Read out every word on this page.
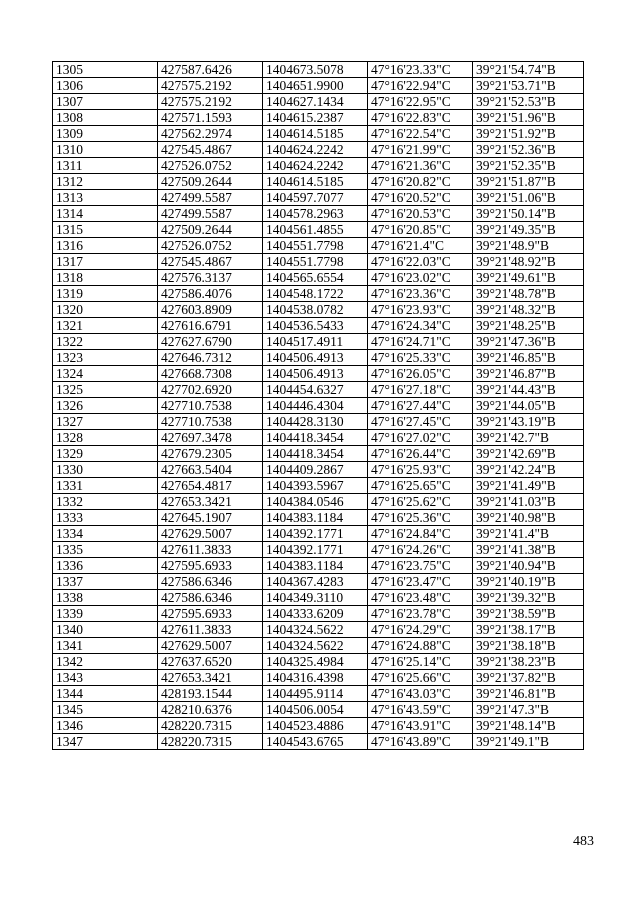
1305	427587.6426	1404673.5078	47°16'23.33"С	39°21'54.74"В
1306	427575.2192	1404651.9900	47°16'22.94"С	39°21'53.71"В
1307	427575.2192	1404627.1434	47°16'22.95"С	39°21'52.53"В
1308	427571.1593	1404615.2387	47°16'22.83"С	39°21'51.96"В
1309	427562.2974	1404614.5185	47°16'22.54"С	39°21'51.92"В
1310	427545.4867	1404624.2242	47°16'21.99"С	39°21'52.36"В
1311	427526.0752	1404624.2242	47°16'21.36"С	39°21'52.35"В
1312	427509.2644	1404614.5185	47°16'20.82"С	39°21'51.87"В
1313	427499.5587	1404597.7077	47°16'20.52"С	39°21'51.06"В
1314	427499.5587	1404578.2963	47°16'20.53"С	39°21'50.14"В
1315	427509.2644	1404561.4855	47°16'20.85"С	39°21'49.35"В
1316	427526.0752	1404551.7798	47°16'21.4"С	39°21'48.9"В
1317	427545.4867	1404551.7798	47°16'22.03"С	39°21'48.92"В
1318	427576.3137	1404565.6554	47°16'23.02"С	39°21'49.61"В
1319	427586.4076	1404548.1722	47°16'23.36"С	39°21'48.78"В
1320	427603.8909	1404538.0782	47°16'23.93"С	39°21'48.32"В
1321	427616.6791	1404536.5433	47°16'24.34"С	39°21'48.25"В
1322	427627.6790	1404517.4911	47°16'24.71"С	39°21'47.36"В
1323	427646.7312	1404506.4913	47°16'25.33"С	39°21'46.85"В
1324	427668.7308	1404506.4913	47°16'26.05"С	39°21'46.87"В
1325	427702.6920	1404454.6327	47°16'27.18"С	39°21'44.43"В
1326	427710.7538	1404446.4304	47°16'27.44"С	39°21'44.05"В
1327	427710.7538	1404428.3130	47°16'27.45"С	39°21'43.19"В
1328	427697.3478	1404418.3454	47°16'27.02"С	39°21'42.7"В
1329	427679.2305	1404418.3454	47°16'26.44"С	39°21'42.69"В
1330	427663.5404	1404409.2867	47°16'25.93"С	39°21'42.24"В
1331	427654.4817	1404393.5967	47°16'25.65"С	39°21'41.49"В
1332	427653.3421	1404384.0546	47°16'25.62"С	39°21'41.03"В
1333	427645.1907	1404383.1184	47°16'25.36"С	39°21'40.98"В
1334	427629.5007	1404392.1771	47°16'24.84"С	39°21'41.4"В
1335	427611.3833	1404392.1771	47°16'24.26"С	39°21'41.38"В
1336	427595.6933	1404383.1184	47°16'23.75"С	39°21'40.94"В
1337	427586.6346	1404367.4283	47°16'23.47"С	39°21'40.19"В
1338	427586.6346	1404349.3110	47°16'23.48"С	39°21'39.32"В
1339	427595.6933	1404333.6209	47°16'23.78"С	39°21'38.59"В
1340	427611.3833	1404324.5622	47°16'24.29"С	39°21'38.17"В
1341	427629.5007	1404324.5622	47°16'24.88"С	39°21'38.18"В
1342	427637.6520	1404325.4984	47°16'25.14"С	39°21'38.23"В
1343	427653.3421	1404316.4398	47°16'25.66"С	39°21'37.82"В
1344	428193.1544	1404495.9114	47°16'43.03"С	39°21'46.81"В
1345	428210.6376	1404506.0054	47°16'43.59"С	39°21'47.3"В
1346	428220.7315	1404523.4886	47°16'43.91"С	39°21'48.14"В
1347	428220.7315	1404543.6765	47°16'43.89"С	39°21'49.1"В
483
